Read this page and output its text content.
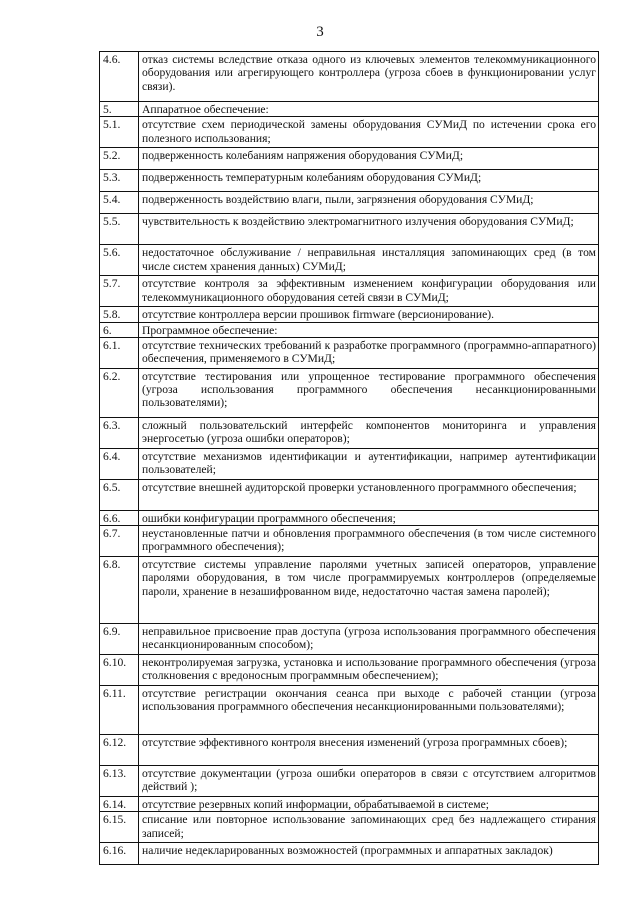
3
4.6.	отказ системы вследствие отказа одного из ключевых элементов телекоммуникационного оборудования или агрегирующего контроллера (угроза сбоев в функционировании услуг связи).
5.	Аппаратное обеспечение:
5.1.	отсутствие схем периодической замены оборудования СУМиД по истечении срока его полезного использования;
5.2.	подверженность колебаниям напряжения оборудования СУМиД;
5.3.	подверженность температурным колебаниям оборудования СУМиД;
5.4.	подверженность воздействию влаги, пыли, загрязнения оборудования СУМиД;
5.5.	чувствительность к воздействию электромагнитного излучения оборудования СУМиД;
5.6.	недостаточное обслуживание / неправильная инсталляция запоминающих сред (в том числе систем хранения данных) СУМиД;
5.7.	отсутствие контроля за эффективным изменением конфигурации оборудования или телекоммуникационного оборудования сетей связи в СУМиД;
5.8.	отсутствие контроллера версии прошивок firmware (версионирование).
6.	Программное обеспечение:
6.1.	отсутствие технических требований к разработке программного (программно-аппаратного) обеспечения, применяемого в СУМиД;
6.2.	отсутствие тестирования или упрощенное тестирование программного обеспечения (угроза использования программного обеспечения несанкционированными пользователями);
6.3.	сложный пользовательский интерфейс компонентов мониторинга и управления энергосетью (угроза ошибки операторов);
6.4.	отсутствие механизмов идентификации и аутентификации, например аутентификации пользователей;
6.5.	отсутствие внешней аудиторской проверки установленного программного обеспечения;
6.6.	ошибки конфигурации программного обеспечения;
6.7.	неустановленные патчи и обновления программного обеспечения (в том числе системного программного обеспечения);
6.8.	отсутствие системы управление паролями учетных записей операторов, управление паролями оборудования, в том числе программируемых контроллеров (определяемые пароли, хранение в незашифрованном виде, недостаточно частая замена паролей);
6.9.	неправильное присвоение прав доступа (угроза использования программного обеспечения несанкционированным способом);
6.10.	неконтролируемая загрузка, установка и использование программного обеспечения (угроза столкновения с вредоносным программным обеспечением);
6.11.	отсутствие регистрации окончания сеанса при выходе с рабочей станции (угроза использования программного обеспечения несанкционированными пользователями);
6.12.	отсутствие эффективного контроля внесения изменений (угроза программных сбоев);
6.13.	отсутствие документации (угроза ошибки операторов в связи с отсутствием алгоритмов действий );
6.14.	отсутствие резервных копий информации, обрабатываемой в системе;
6.15.	списание или повторное использование запоминающих сред без надлежащего стирания записей;
6.16.	наличие недекларированных возможностей (программных и аппаратных закладок)
